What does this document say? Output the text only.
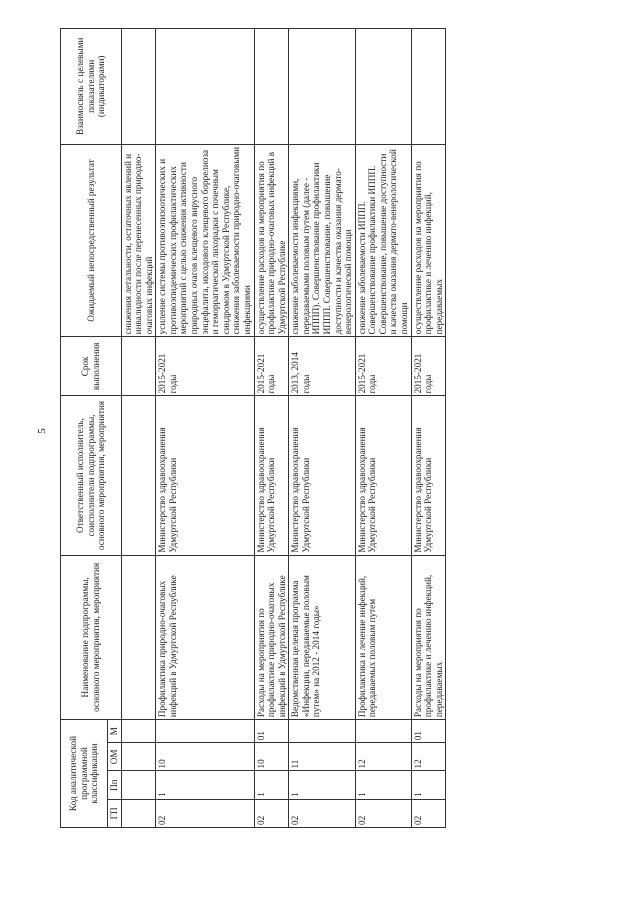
5
Код аналитической программной классификации				Наименование подпрограммы, основного мероприятия, мероприятия	Ответственный исполнитель, соисполнители подпрограммы, основного мероприятия, мероприятия	Срок выполнения	Ожидаемый непосредственный результат	Взаимосвязь с целевыми показателями (индикаторами)
ГП	Пп	ОМ	М					
							снижения летальности, остаточных явлений и инвалидности после перенесенных природно-очаговых инфекций	
02	1	10		Профилактика природно-очаговых инфекций в Удмуртской Республике	Министерство здравоохранения Удмуртской Республики	2015-2021 годы	усиление системы противоэпизоотических и противоэпидемических профилактических мероприятий с целью снижения активности природных очагов клещевого вирусного энцефалита, иксодового клещевого боррелиоза и геморрагической лихорадки с почечным синдромом в Удмуртской Республике, снижения заболеваемости природно-очаговыми инфекциями	
02	1	10	01	Расходы на мероприятия по профилактике природно-очаговых инфекций в Удмуртской Республике	Министерство здравоохранения Удмуртской Республики	2015-2021 годы	осуществление расходов на мероприятия по профилактике природно-очаговых инфекций в Удмуртской Республике	
02	1	11		Ведомственная целевая программа «Инфекции, передаваемые половым путем» на 2012 - 2014 годы»	Министерство здравоохранения Удмуртской Республики	2013, 2014 годы	снижение заболеваемости инфекциями, передаваемыми половым путем (далее - ИППП). Совершенствование профилактики ИППП. Совершенствование, повышение доступности и качества оказания дермато-венерологической помощи	
02	1	12		Профилактика и лечение инфекций, передаваемых половым путем	Министерство здравоохранения Удмуртской Республики	2015-2021 годы	снижение заболеваемости ИППП. Совершенствование профилактики ИППП. Совершенствование, повышение доступности и качества оказания дермато-венерологической помощи	
02	1	12	01	Расходы на мероприятия по профилактике и лечению инфекций, передаваемых	Министерство здравоохранения Удмуртской Республики	2015-2021 годы	осуществление расходов на мероприятия по профилактике и лечению инфекций, передаваемых	
